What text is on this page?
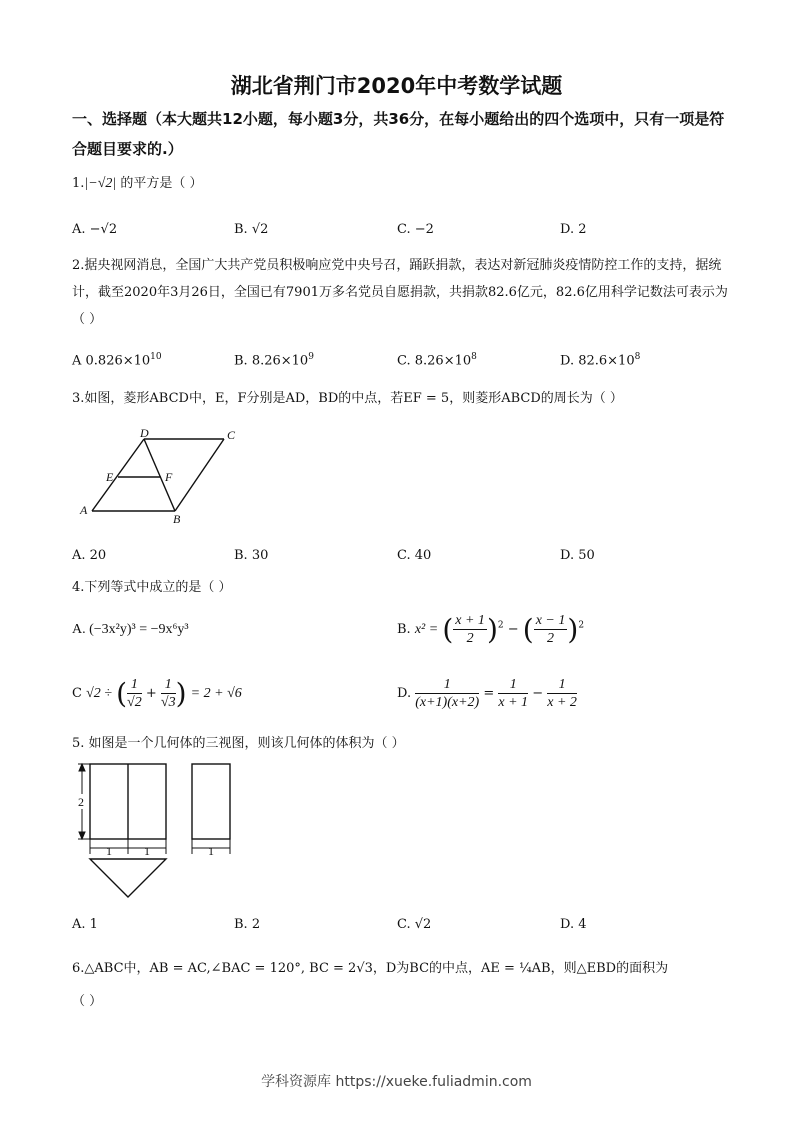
湖北省荆门市2020年中考数学试题
一、选择题（本大题共12小题，每小题3分，共36分，在每小题给出的四个选项中，只有一项是符合题目要求的.）
1.|−√2| 的平方是（ ）
A. −√2	B. √2	C. −2	D. 2
2.据央视网消息，全国广大共产党员积极响应党中央号召，踊跃捐款，表达对新冠肺炎疫情防控工作的支持，据统计，截至2020年3月26日，全国已有7901万多名党员自愿捐款，共捐款82.6亿元，82.6亿用科学记数法可表示为（ ）
A $0.826\times 10^{10}$	B. $8.26\times 10^9$	C. $8.26\times 10^8$	D. $82.6\times 10^8$
3.如图，菱形ABCD中，E，F分别是AD，BD的中点，若EF = 5，则菱形ABCD的周长为（ ）
D	C
E	F
A
B
A. 20	B. 30	C. 40	D. 50
4.下列等式中成立的是（ ）
A. (−3x²y)³ = −9x⁶y³	B. x² = ( $\frac{x + 1}{2} )^2$ − ( $\frac{x - 1}{2} )^2$
C √2 ÷ ( $\frac{1}{√2} + \frac{1}{√3}$ ) = 2 + √6	D. $\frac{1}{(x+1)(x+2)} = \frac{1}{x + 1} - \frac{1}{x + 2}$
5. 如图是一个几何体的三视图，则该几何体的体积为（ ）
2
1	1	1
A. 1	B. 2	C. √2	D. 4
6.△ABC中，AB = AC,∠BAC = 120°, BC = 2√3，D为BC的中点，AE = ¼AB，则△EBD的面积为
（ ）
学科资源库 https://xueke.fuliadmin.com
